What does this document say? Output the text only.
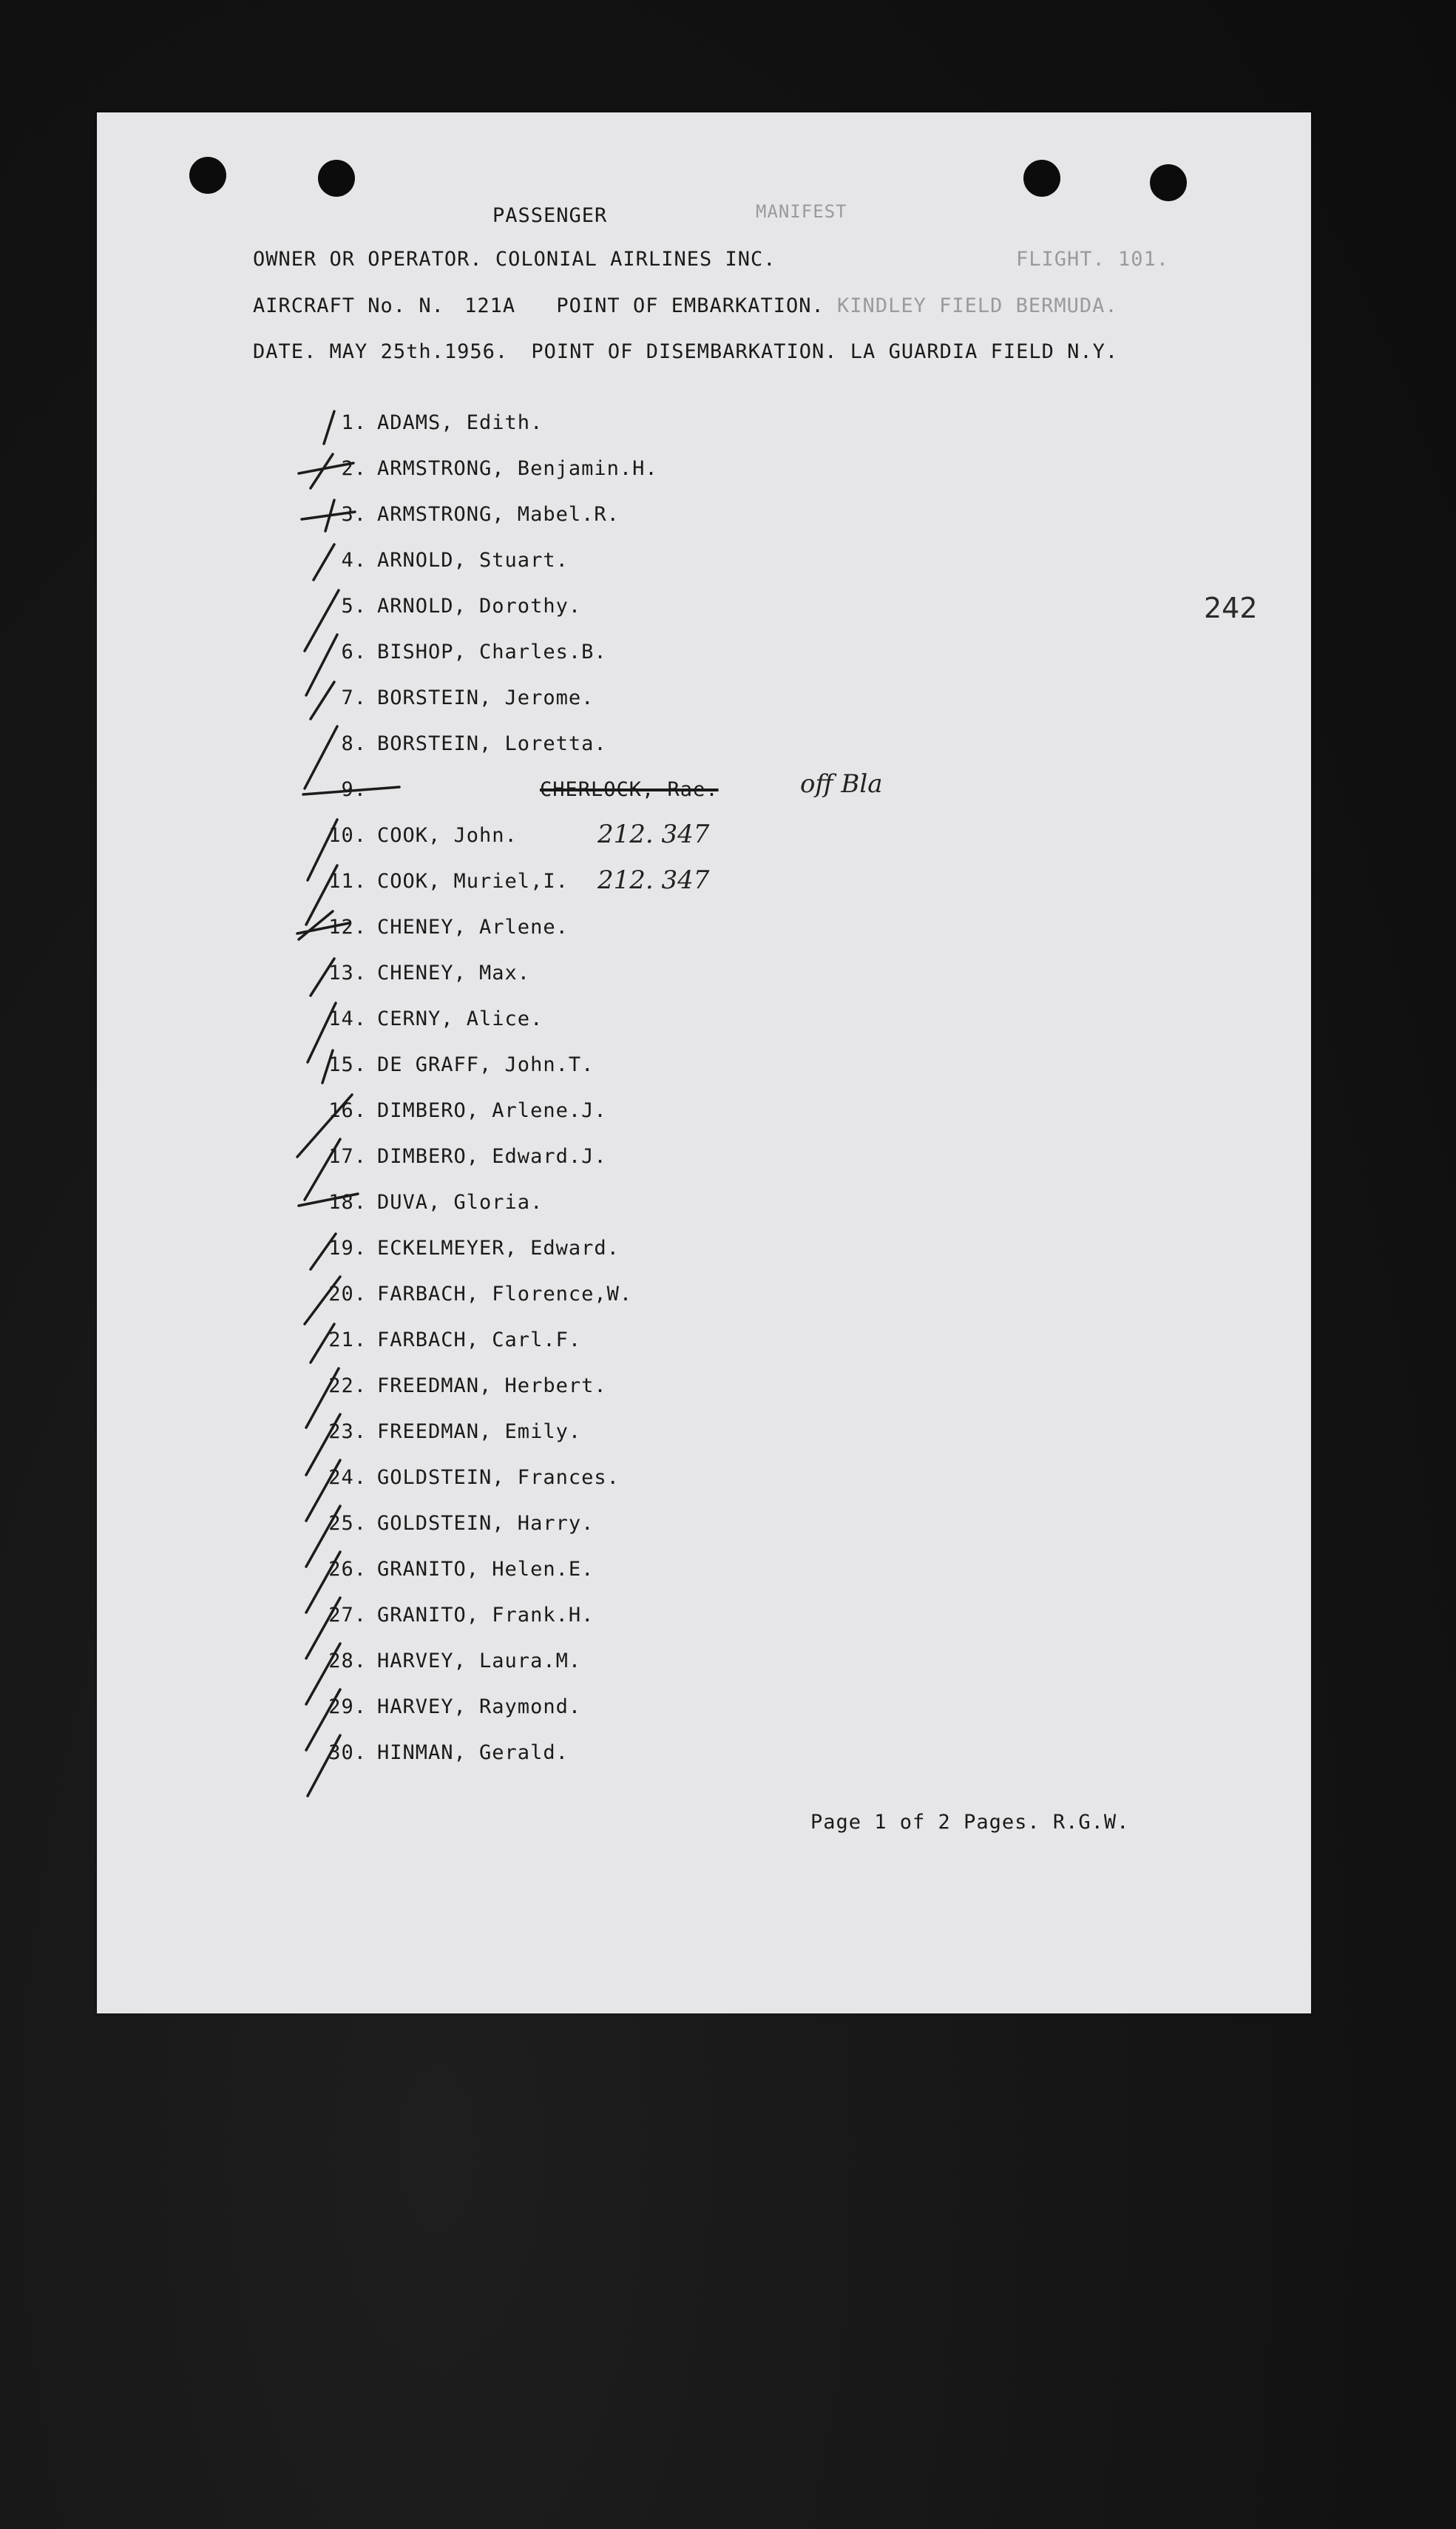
PASSENGER	MANIFEST
OWNER OR OPERATOR. COLONIAL AIRLINES INC.	FLIGHT. 101.
AIRCRAFT No. N. 121A POINT OF EMBARKATION. KINDLEY FIELD BERMUDA.
DATE. MAY 25th.1956. POINT OF DISEMBARKATION. LA GUARDIA FIELD N.Y.
242
1. ADAMS, Edith.
2. ARMSTRONG, Benjamin.H.
3. ARMSTRONG, Mabel.R.
4. ARNOLD, Stuart.
5. ARNOLD, Dorothy.
6. BISHOP, Charles.B.
7. BORSTEIN, Jerome.
8. BORSTEIN, Loretta.
9.	CHERLOCK, Rae.
10. COOK, John.
11. COOK, Muriel,I.
12. CHENEY, Arlene.
13. CHENEY, Max.
14. CERNY, Alice.
15. DE GRAFF, John.T.
16. DIMBERO, Arlene.J.
17. DIMBERO, Edward.J.
18. DUVA, Gloria.
19. ECKELMEYER, Edward.
20. FARBACH, Florence,W.
21. FARBACH, Carl.F.
22. FREEDMAN, Herbert.
23. FREEDMAN, Emily.
24. GOLDSTEIN, Frances.
25. GOLDSTEIN, Harry.
26. GRANITO, Helen.E.
27. GRANITO, Frank.H.
28. HARVEY, Laura.M.
29. HARVEY, Raymond.
30. HINMAN, Gerald.
off Bla
212. 347
212. 347
Page 1 of 2 Pages. R.G.W.
